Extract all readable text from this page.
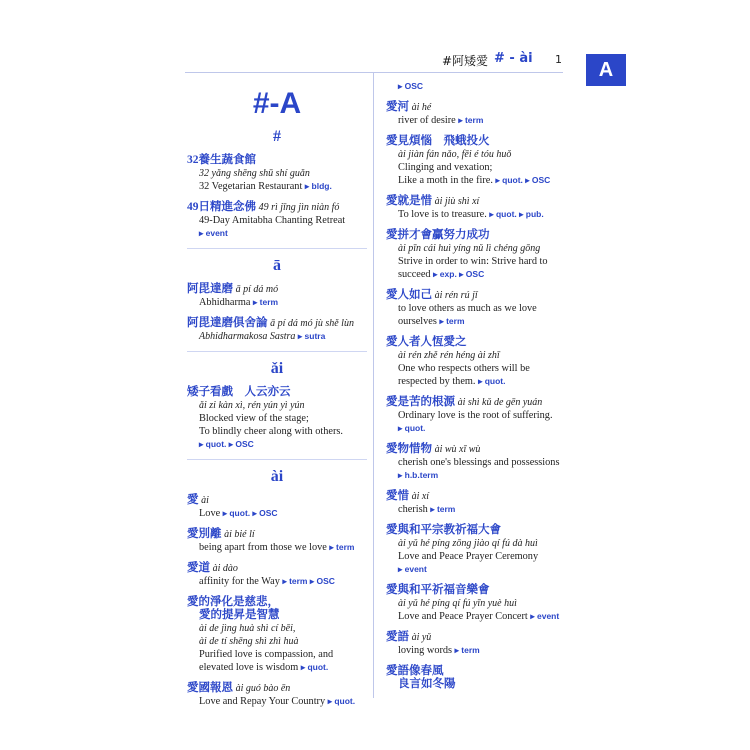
#阿矮愛 # - ài 1	A
#-A
#
32養生蔬食館
32 yǎng shēng shū shí guǎn
32 Vegetarian Restaurant ▸ bldg.
49日精進念佛 49 rì jīng jìn niàn fó
49-Day Amitabha Chanting Retreat
▸ event
ā
阿毘達磨 ā pí dá mó
Abhidharma ▸ term
阿毘達磨俱舍論 ā pí dá mó jù shě lùn
Abhidharmakosa Sastra ▸ sutra
ǎi
矮子看戲　人云亦云
ǎi zi kàn xì, rén yún yì yún
Blocked view of the stage;
To blindly cheer along with others.
▸ quot. ▸ OSC
ài
愛 ài
Love ▸ quot. ▸ OSC
愛別離 ài bié lí
being apart from those we love ▸ term
愛道 ài dào
affinity for the Way ▸ term ▸ OSC
愛的淨化是慈悲，
愛的提昇是智慧
ài de jìng huà shì cí bēi,
ài de tí shēng shì zhì huà
Purified love is compassion, and
elevated love is wisdom ▸ quot.
愛國報恩 ài guó bào ēn
Love and Repay Your Country ▸ quot.
▸ OSC
愛河 ài hé
river of desire ▸ term
愛見煩惱　飛蛾投火
ài jiàn fán nǎo, fēi é tóu huǒ
Clinging and vexation;
Like a moth in the fire. ▸ quot. ▸ OSC
愛就是惜 ài jiù shì xí
To love is to treasure. ▸ quot. ▸ pub.
愛拼才會贏努力成功
ài pīn cái huì yíng nǔ lì chéng gōng
Strive in order to win: Strive hard to
succeed ▸ exp. ▸ OSC
愛人如己 ài rén rú jǐ
to love others as much as we love
ourselves ▸ term
愛人者人恆愛之
ài rén zhě rén héng ài zhī
One who respects others will be
respected by them. ▸ quot.
愛是苦的根源 ài shì kǔ de gēn yuán
Ordinary love is the root of suffering.
▸ quot.
愛物惜物 ài wù xī wù
cherish one's blessings and possessions
▸ h.b.term
愛惜 ài xí
cherish ▸ term
愛與和平宗教祈福大會
ài yǔ hé píng zōng jiào qí fú dà huì
Love and Peace Prayer Ceremony
▸ event
愛與和平祈福音樂會
ài yǔ hé píng qí fú yīn yuè huì
Love and Peace Prayer Concert ▸ event
愛語 ài yǔ
loving words ▸ term
愛語像春風
良言如冬陽
